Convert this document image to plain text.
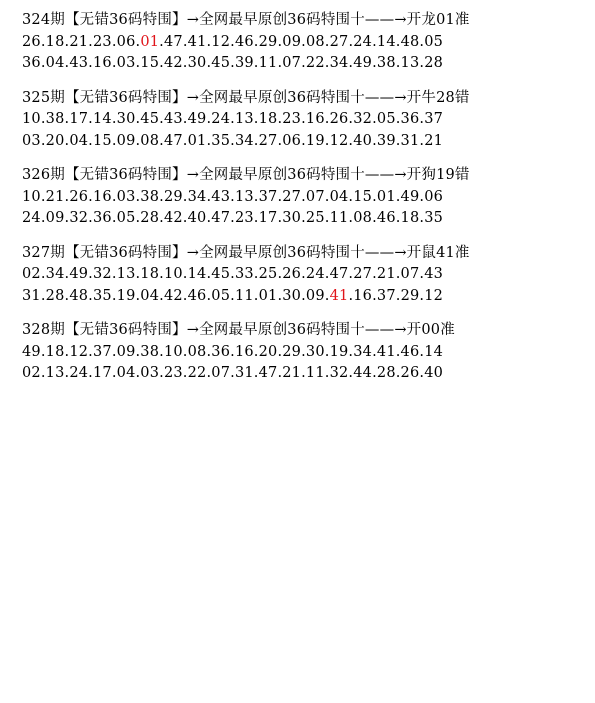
324期【无错36码特围】→全网最早原创36码特围十——→开龙01准
26.18.21.23.06.01.47.41.12.46.29.09.08.27.24.14.48.05
36.04.43.16.03.15.42.30.45.39.11.07.22.34.49.38.13.28
325期【无错36码特围】→全网最早原创36码特围十——→开牛28错
10.38.17.14.30.45.43.49.24.13.18.23.16.26.32.05.36.37
03.20.04.15.09.08.47.01.35.34.27.06.19.12.40.39.31.21
326期【无错36码特围】→全网最早原创36码特围十——→开狗19错
10.21.26.16.03.38.29.34.43.13.37.27.07.04.15.01.49.06
24.09.32.36.05.28.42.40.47.23.17.30.25.11.08.46.18.35
327期【无错36码特围】→全网最早原创36码特围十——→开鼠41准
02.34.49.32.13.18.10.14.45.33.25.26.24.47.27.21.07.43
31.28.48.35.19.04.42.46.05.11.01.30.09.41.16.37.29.12
328期【无错36码特围】→全网最早原创36码特围十——→开00准
49.18.12.37.09.38.10.08.36.16.20.29.30.19.34.41.46.14
02.13.24.17.04.03.23.22.07.31.47.21.11.32.44.28.26.40
